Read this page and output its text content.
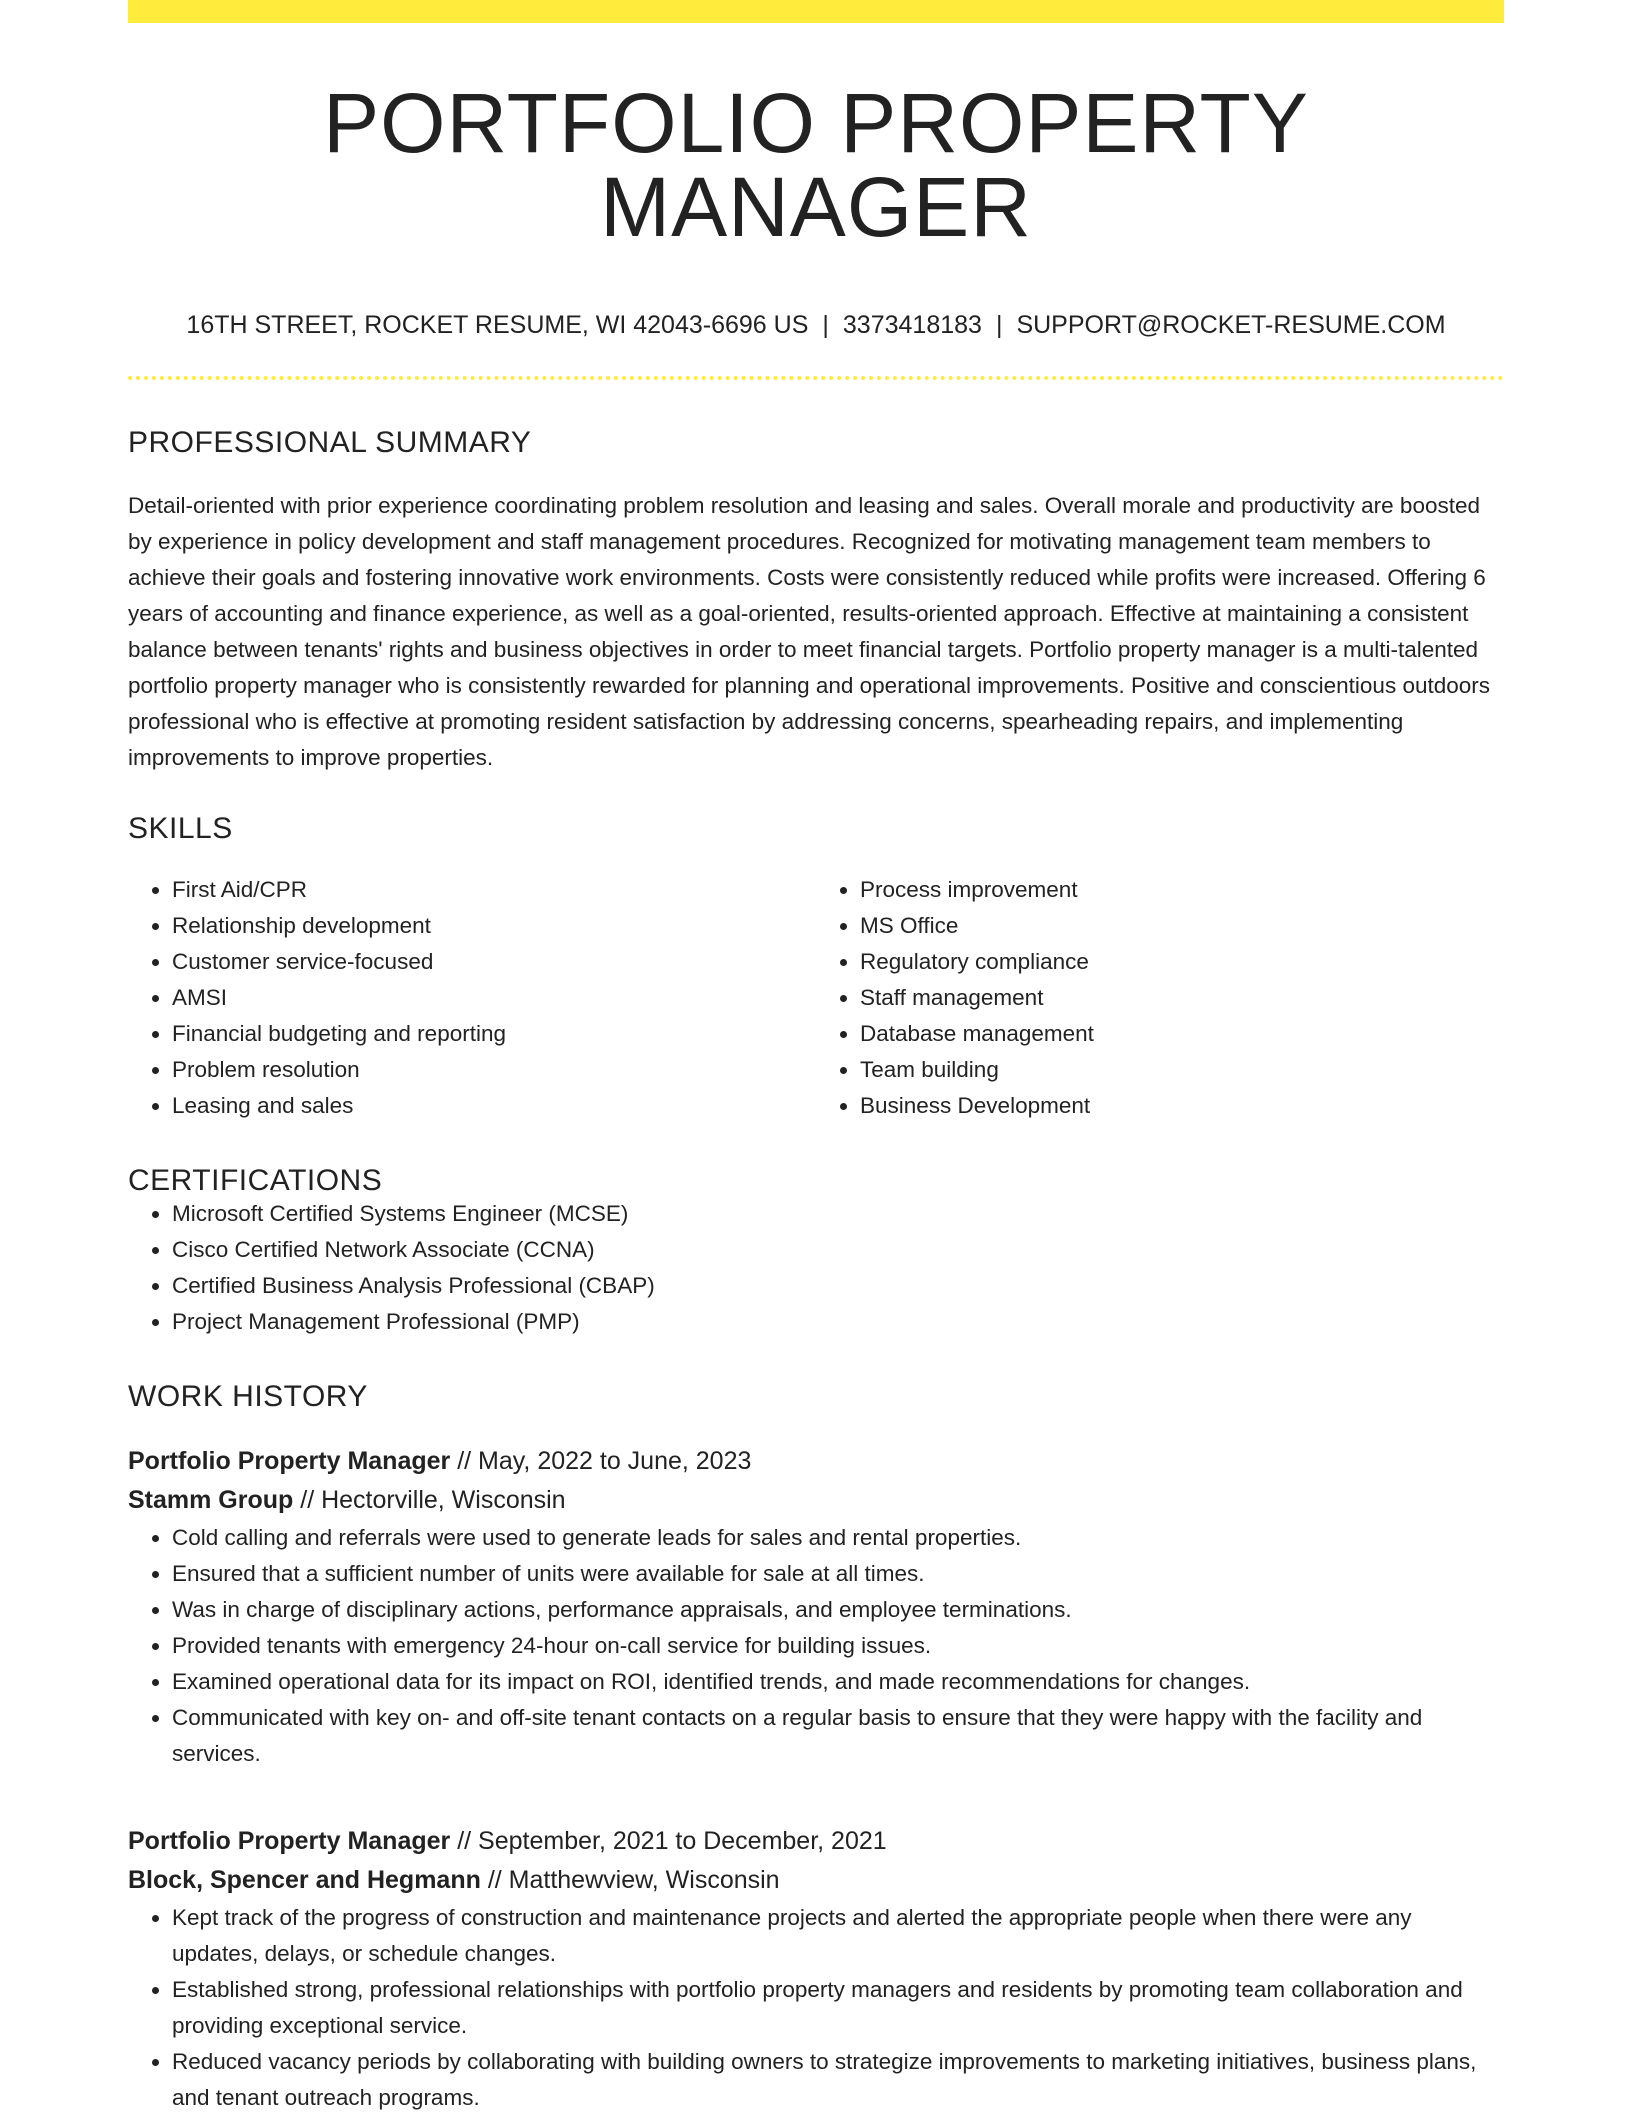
PORTFOLIO PROPERTY MANAGER
16TH STREET, ROCKET RESUME, WI 42043-6696 US | 3373418183 | SUPPORT@ROCKET-RESUME.COM
PROFESSIONAL SUMMARY

Detail-oriented with prior experience coordinating problem resolution and leasing and sales. Overall morale and productivity are boosted by experience in policy development and staff management procedures. Recognized for motivating management team members to achieve their goals and fostering innovative work environments. Costs were consistently reduced while profits were increased. Offering 6 years of accounting and finance experience, as well as a goal-oriented, results-oriented approach. Effective at maintaining a consistent balance between tenants' rights and business objectives in order to meet financial targets. Portfolio property manager is a multi-talented portfolio property manager who is consistently rewarded for planning and operational improvements. Positive and conscientious outdoors professional who is effective at promoting resident satisfaction by addressing concerns, spearheading repairs, and implementing improvements to improve properties.

SKILLS
• First Aid/CPR
• Relationship development
• Customer service-focused
• AMSI
• Financial budgeting and reporting
• Problem resolution
• Leasing and sales
• Process improvement
• MS Office
• Regulatory compliance
• Staff management
• Database management
• Team building
• Business Development
CERTIFICATIONS
• Microsoft Certified Systems Engineer (MCSE)
• Cisco Certified Network Associate (CCNA)
• Certified Business Analysis Professional (CBAP)
• Project Management Professional (PMP)
WORK HISTORY
Portfolio Property Manager // May, 2022 to June, 2023
Stamm Group // Hectorville, Wisconsin
• Cold calling and referrals were used to generate leads for sales and rental properties.
• Ensured that a sufficient number of units were available for sale at all times.
• Was in charge of disciplinary actions, performance appraisals, and employee terminations.
• Provided tenants with emergency 24-hour on-call service for building issues.
• Examined operational data for its impact on ROI, identified trends, and made recommendations for changes.
• Communicated with key on- and off-site tenant contacts on a regular basis to ensure that they were happy with the facility and services.
Portfolio Property Manager // September, 2021 to December, 2021
Block, Spencer and Hegmann // Matthewview, Wisconsin
• Kept track of the progress of construction and maintenance projects and alerted the appropriate people when there were any updates, delays, or schedule changes.
• Established strong, professional relationships with portfolio property managers and residents by promoting team collaboration and providing exceptional service.
• Reduced vacancy periods by collaborating with building owners to strategize improvements to marketing initiatives, business plans, and tenant outreach programs.
